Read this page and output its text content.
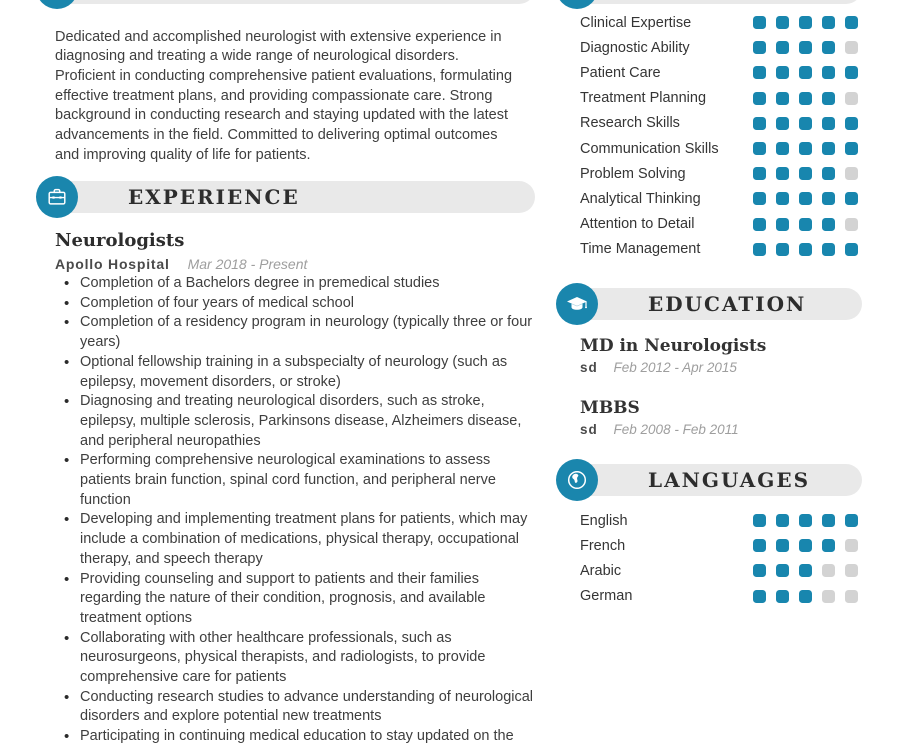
Dedicated and accomplished neurologist with extensive experience in diagnosing and treating a wide range of neurological disorders. Proficient in conducting comprehensive patient evaluations, formulating effective treatment plans, and providing compassionate care. Strong background in conducting research and staying updated with the latest advancements in the field. Committed to delivering optimal outcomes and improving quality of life for patients.

EXPERIENCE
Neurologists
Apollo Hospital Mar 2018 - Present
• Completion of a Bachelors degree in premedical studies
• Completion of four years of medical school
• Completion of a residency program in neurology (typically three or four years)
• Optional fellowship training in a subspecialty of neurology (such as epilepsy, movement disorders, or stroke)
• Diagnosing and treating neurological disorders, such as stroke, epilepsy, multiple sclerosis, Parkinsons disease, Alzheimers disease, and peripheral neuropathies
• Performing comprehensive neurological examinations to assess patients brain function, spinal cord function, and peripheral nerve function
• Developing and implementing treatment plans for patients, which may include a combination of medications, physical therapy, occupational therapy, and speech therapy
• Providing counseling and support to patients and their families regarding the nature of their condition, prognosis, and available treatment options
• Collaborating with other healthcare professionals, such as neurosurgeons, physical therapists, and radiologists, to provide comprehensive care for patients
• Conducting research studies to advance understanding of neurological disorders and explore potential new treatments
• Participating in continuing medical education to stay updated on the
Clinical Expertise
Diagnostic Ability
Patient Care
Treatment Planning
Research Skills
Communication Skills
Problem Solving
Analytical Thinking
Attention to Detail
Time Management
EDUCATION
MD in Neurologists
sd Feb 2012 - Apr 2015
MBBS
sd Feb 2008 - Feb 2011
LANGUAGES
English
French
Arabic
German
